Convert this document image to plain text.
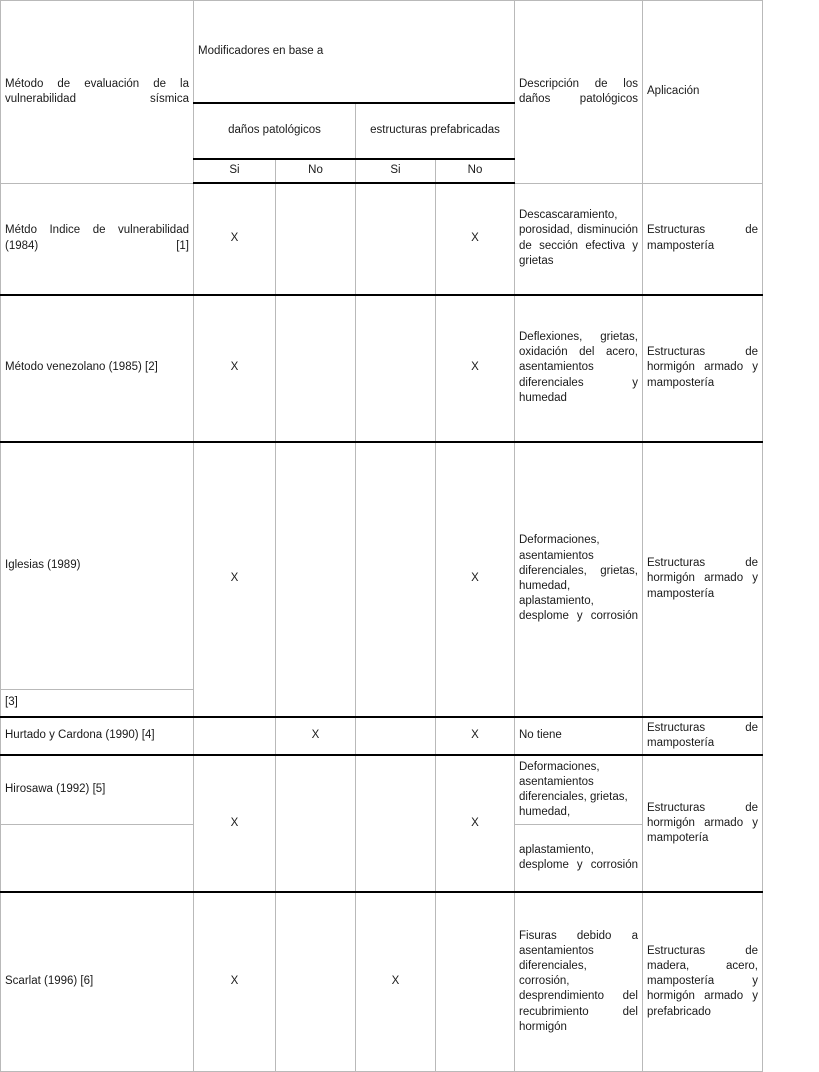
Método de evaluación de la vulnerabilidad sísmica	Modificadores en base a				Descripción de los daños patológicos	Aplicación
	daños patológicos		estructuras prefabricadas			
	Si	No	Si	No		
Métdo Indice de vulnerabilidad (1984) [1]	X			X	Descascaramiento, porosidad, disminución de sección efectiva y grietas	Estructuras de mampostería
Método venezolano (1985) [2]	X			X	Deflexiones, grietas, oxidación del acero, asentamientos diferenciales y humedad	Estructuras de hormigón armado y mampostería
Iglesias (1989)	X			X	Deformaciones, asentamientos diferenciales, grietas, humedad, aplastamiento, desplome y corrosión	Estructuras de hormigón armado y mampostería
[3]						
Hurtado y Cardona (1990) [4]		X		X	No tiene	Estructuras de mampostería
Hirosawa (1992) [5]	X			X	Deformaciones, asentamientos diferenciales, grietas, humedad,	Estructuras de hormigón armado y mampotería
					aplastamiento, desplome y corrosión	
Scarlat (1996) [6]	X		X		Fisuras debido a asentamientos diferenciales, corrosión, desprendimiento del recubrimiento del hormigón	Estructuras de madera, acero, mampostería y hormigón armado y prefabricado
